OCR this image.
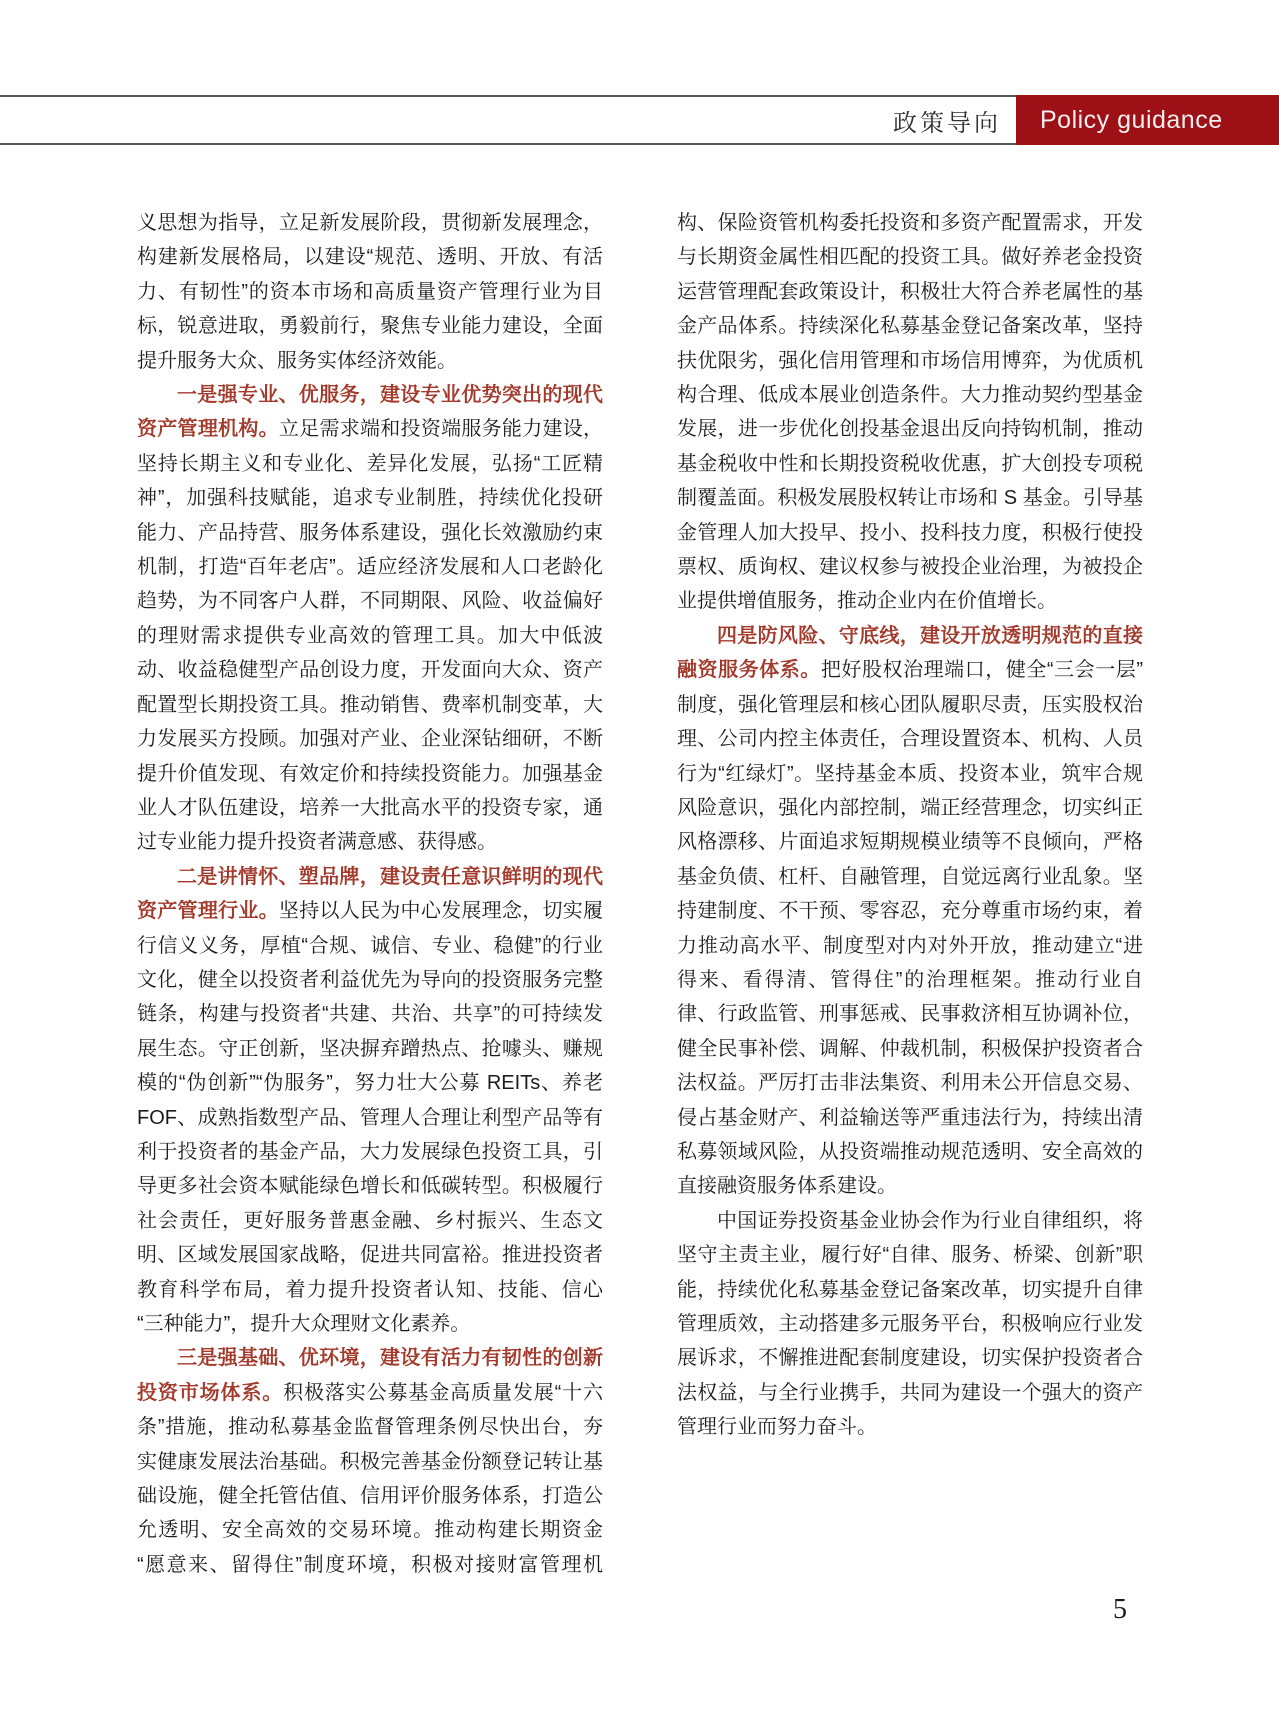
政策导向	Policy guidance

义思想为指导，立足新发展阶段，贯彻新发展理念，构建新发展格局，以建设“规范、透明、开放、有活力、有韧性”的资本市场和高质量资产管理行业为目标，锐意进取，勇毅前行，聚焦专业能力建设，全面提升服务大众、服务实体经济效能。

一是强专业、优服务，建设专业优势突出的现代资产管理机构。立足需求端和投资端服务能力建设，坚持长期主义和专业化、差异化发展，弘扬“工匠精神”，加强科技赋能，追求专业制胜，持续优化投研能力、产品持营、服务体系建设，强化长效激励约束机制，打造“百年老店”。适应经济发展和人口老龄化趋势，为不同客户人群，不同期限、风险、收益偏好的理财需求提供专业高效的管理工具。加大中低波动、收益稳健型产品创设力度，开发面向大众、资产配置型长期投资工具。推动销售、费率机制变革，大力发展买方投顾。加强对产业、企业深钻细研，不断提升价值发现、有效定价和持续投资能力。加强基金业人才队伍建设，培养一大批高水平的投资专家，通过专业能力提升投资者满意感、获得感。

二是讲情怀、塑品牌，建设责任意识鲜明的现代资产管理行业。坚持以人民为中心发展理念，切实履行信义义务，厚植“合规、诚信、专业、稳健”的行业文化，健全以投资者利益优先为导向的投资服务完整链条，构建与投资者“共建、共治、共享”的可持续发展生态。守正创新，坚决摒弃蹭热点、抢噱头、赚规模的“伪创新”“伪服务”，努力壮大公募 REITs、养老 FOF、成熟指数型产品、管理人合理让利型产品等有利于投资者的基金产品，大力发展绿色投资工具，引导更多社会资本赋能绿色增长和低碳转型。积极履行社会责任，更好服务普惠金融、乡村振兴、生态文明、区域发展国家战略，促进共同富裕。推进投资者教育科学布局，着力提升投资者认知、技能、信心“三种能力”，提升大众理财文化素养。

三是强基础、优环境，建设有活力有韧性的创新投资市场体系。积极落实公募基金高质量发展“十六条”措施，推动私募基金监督管理条例尽快出台，夯实健康发展法治基础。积极完善基金份额登记转让基础设施，健全托管估值、信用评价服务体系，打造公允透明、安全高效的交易环境。推动构建长期资金“愿意来、留得住”制度环境，积极对接财富管理机构、保险资管机构委托投资和多资产配置需求，开发与长期资金属性相匹配的投资工具。做好养老金投资运营管理配套政策设计，积极壮大符合养老属性的基金产品体系。持续深化私募基金登记备案改革，坚持扶优限劣，强化信用管理和市场信用博弈，为优质机构合理、低成本展业创造条件。大力推动契约型基金发展，进一步优化创投基金退出反向持钩机制，推动基金税收中性和长期投资税收优惠，扩大创投专项税制覆盖面。积极发展股权转让市场和 S 基金。引导基金管理人加大投早、投小、投科技力度，积极行使投票权、质询权、建议权参与被投企业治理，为被投企业提供增值服务，推动企业内在价值增长。

四是防风险、守底线，建设开放透明规范的直接融资服务体系。把好股权治理端口，健全“三会一层”制度，强化管理层和核心团队履职尽责，压实股权治理、公司内控主体责任，合理设置资本、机构、人员行为“红绿灯”。坚持基金本质、投资本业，筑牢合规风险意识，强化内部控制，端正经营理念，切实纠正风格漂移、片面追求短期规模业绩等不良倾向，严格基金负债、杠杆、自融管理，自觉远离行业乱象。坚持建制度、不干预、零容忍，充分尊重市场约束，着力推动高水平、制度型对内对外开放，推动建立“进得来、看得清、管得住”的治理框架。推动行业自律、行政监管、刑事惩戒、民事救济相互协调补位，健全民事补偿、调解、仲裁机制，积极保护投资者合法权益。严厉打击非法集资、利用未公开信息交易、侵占基金财产、利益输送等严重违法行为，持续出清私募领域风险，从投资端推动规范透明、安全高效的直接融资服务体系建设。

中国证券投资基金业协会作为行业自律组织，将坚守主责主业，履行好“自律、服务、桥梁、创新”职能，持续优化私募基金登记备案改革，切实提升自律管理质效，主动搭建多元服务平台，积极响应行业发展诉求，不懈推进配套制度建设，切实保护投资者合法权益，与全行业携手，共同为建设一个强大的资产管理行业而努力奋斗。

5
